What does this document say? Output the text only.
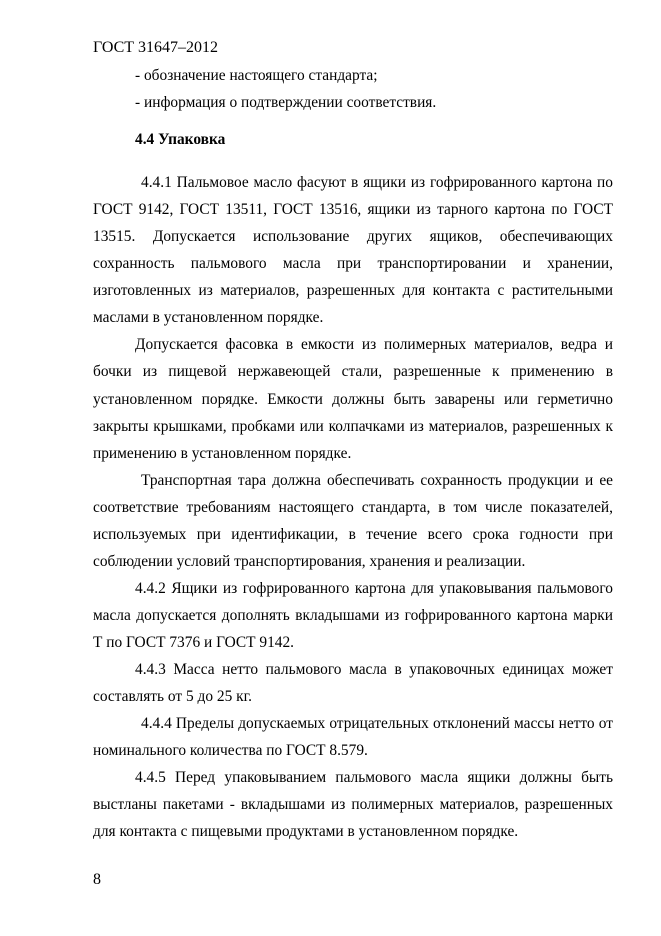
ГОСТ 31647–2012

- обозначение настоящего стандарта;

- информация о подтверждении соответствия.

4.4 Упаковка

4.4.1 Пальмовое масло фасуют в ящики из гофрированного картона по ГОСТ 9142, ГОСТ 13511, ГОСТ 13516, ящики из тарного картона по ГОСТ 13515. Допускается использование других ящиков, обеспечивающих сохранность пальмового масла при транспортировании и хранении, изготовленных из материалов, разрешенных для контакта с растительными маслами в установленном порядке.

Допускается фасовка в емкости из полимерных материалов, ведра и бочки из пищевой нержавеющей стали, разрешенные к применению в установленном порядке. Емкости должны быть заварены или герметично закрыты крышками, пробками или колпачками из материалов, разрешенных к применению в установленном порядке.

Транспортная тара должна обеспечивать сохранность продукции и ее соответствие требованиям настоящего стандарта, в том числе показателей, используемых при идентификации, в течение всего срока годности при соблюдении условий транспортирования, хранения и реализации.

4.4.2 Ящики из гофрированного картона для упаковывания пальмового масла допускается дополнять вкладышами из гофрированного картона марки Т по ГОСТ 7376 и ГОСТ 9142.

4.4.3 Масса нетто пальмового масла в упаковочных единицах может составлять от 5 до 25 кг.

4.4.4 Пределы допускаемых отрицательных отклонений массы нетто от номинального количества по ГОСТ 8.579.

4.4.5 Перед упаковыванием пальмового масла ящики должны быть выстланы пакетами - вкладышами из полимерных материалов, разрешенных для контакта с пищевыми продуктами в установленном порядке.

8
